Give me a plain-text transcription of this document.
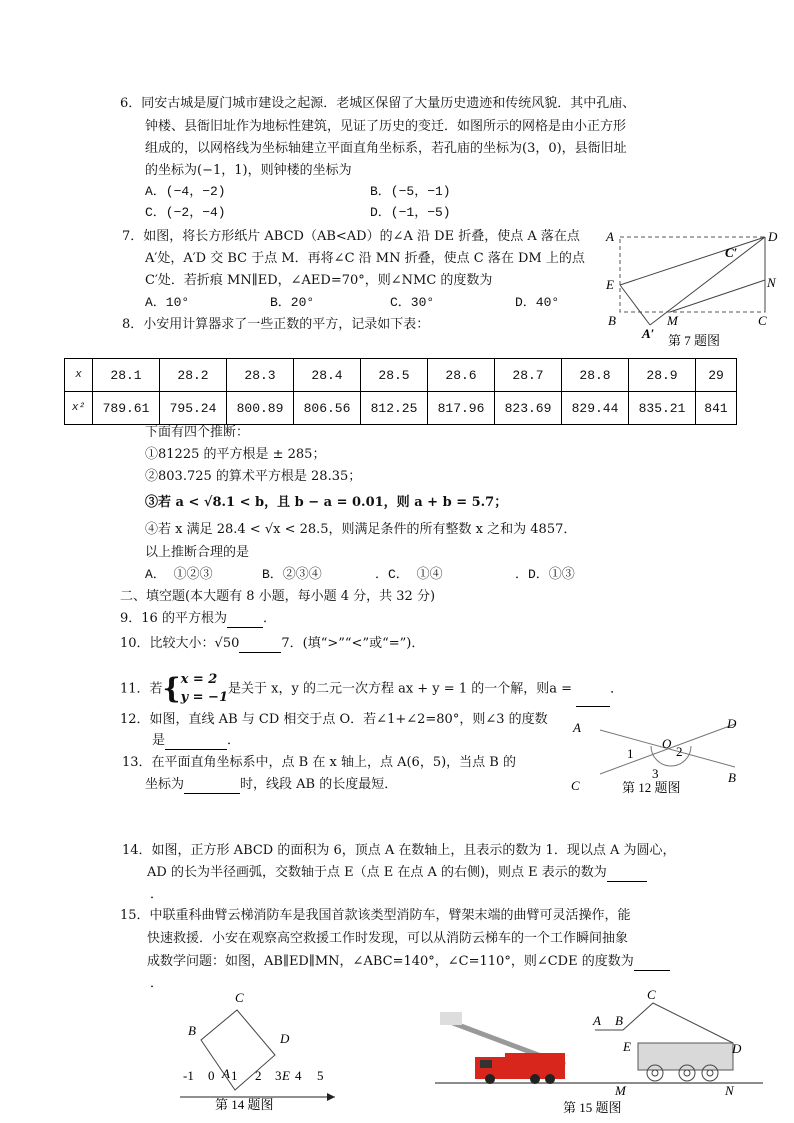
6．同安古城是厦门城市建设之起源．老城区保留了大量历史遗迹和传统风貌．其中孔庙、
钟楼、县衙旧址作为地标性建筑，见证了历史的变迁．如图所示的网格是由小正方形
组成的，以网格线为坐标轴建立平面直角坐标系，若孔庙的坐标为(3，0)，县衙旧址
的坐标为(−1，1)，则钟楼的坐标为
A．(−4，−2)	B．(−5，−1)
C．(−2，−4)	D．(−1，−5)
7．如图，将长方形纸片 ABCD（AB<AD）的∠A 沿 DE 折叠，使点 A 落在点
A′处，A′D 交 BC 于点 M．再将∠C 沿 MN 折叠，使点 C 落在 DM 上的点
C′处．若折痕 MN∥ED，∠AED=70°，则∠NMC 的度数为
A．10°	B．20°	C．30°	D．40°
A	D
C′
E	N
B	M	C
A′ 第 7 题图
8．小安用计算器求了一些正数的平方，记录如下表：
x	28.1	28.2	28.3	28.4	28.5	28.6	28.7	28.8	28.9	29
x²	789.61	795.24	800.89	806.56	812.25	817.96	823.69	829.44	835.21	841
下面有四个推断：
①81225 的平方根是 ± 285；
②803.725 的算术平方根是 28.35；
③若 a < √8.1 < b，且 b − a = 0.01，则 a + b = 5.7；
④若 x 满足 28.4 < √x < 28.5，则满足条件的所有整数 x 之和为 4857．
以上推断合理的是
A． ①②③	B．②③④	．C． ①④	．D．①③
二、填空题(本大题有 8 小题，每小题 4 分，共 32 分)
9．16 的平方根为	．
10．比较大小：√50	7．(填“>”“<”或“=”)．
11．若{x = 2
y = −1是关于 x，y 的二元一次方程 ax + y = 1 的一个解，则a =	．
12．如图，直线 AB 与 CD 相交于点 O．若∠1+∠2=80°，则∠3 的度数
是	．
13．在平面直角坐标系中，点 B 在 x 轴上，点 A(6，5)，当点 B 的
坐标为	时，线段 AB 的长度最短．
A	D
O
1	2
3
C
B
第 12 题图
14．如图，正方形 ABCD 的面积为 6，顶点 A 在数轴上，且表示的数为 1．现以点 A 为圆心，
AD 的长为半径画弧，交数轴于点 E（点 E 在点 A 的右侧)，则点 E 表示的数为
．
15．中联重科曲臂云梯消防车是我国首款该类型消防车，臂架末端的曲臂可灵活操作，能
快速救援．小安在观察高空救援工作时发现，可以从消防云梯车的一个工作瞬间抽象
成数学问题：如图，AB∥ED∥MN，∠ABC=140°，∠C=110°，则∠CDE 的度数为
．
C
B
D
A	E
-1 0 1 2 3 4 5
第 14 题图
C
A B
E	D
M	N
第 15 题图
